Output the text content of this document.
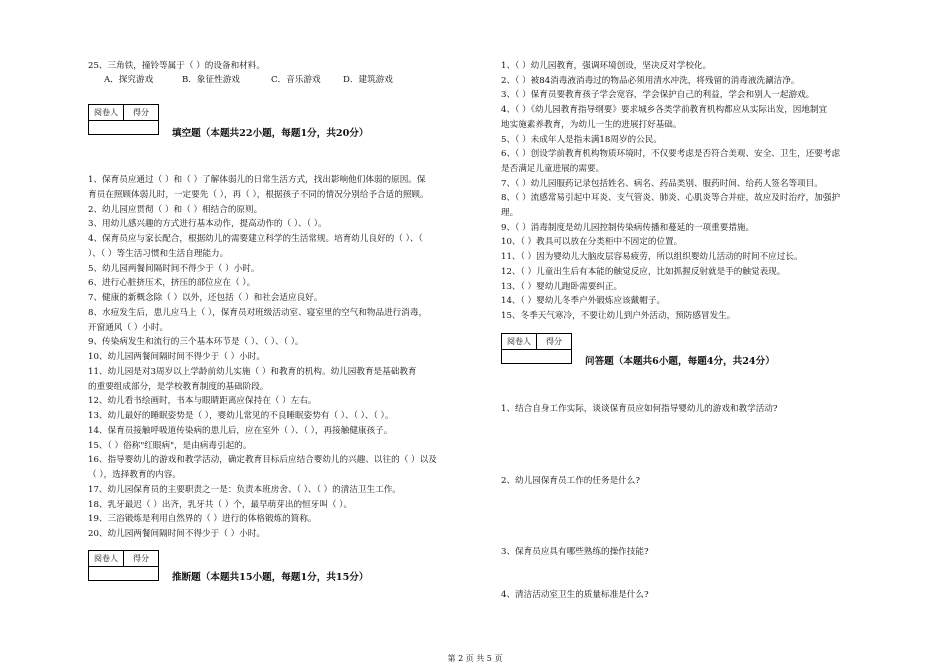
25、三角铁，撞铃等属于（ ）的设备和材料。
A．探究游戏	B．象征性游戏	C．音乐游戏	D．建筑游戏
阅卷人	得分
填空题（本题共22小题，每题1分，共20分）
1、保育员应通过（ ）和（ ）了解体弱儿的日常生活方式，找出影响他们体弱的原因。保
育员在照顾体弱儿时，一定要先（ ），再（ ），根据孩子不同的情况分别给予合适的照顾。
2、幼儿园应贯彻（ ）和（ ）相结合的原则。
3、用幼儿感兴趣的方式进行基本动作，提高动作的（ ）、（ ）。
4、保育员应与家长配合，根据幼儿的需要建立科学的生活常规。培育幼儿良好的（ ）、（
）、（ ）等生活习惯和生活自理能力。
5、幼儿园两餐间隔时间不得少于（ ）小时。
6、进行心脏挤压术，挤压的部位应在（ ）。
7、健康的新概念除（ ）以外，还包括（ ）和社会适应良好。
8、水痘发生后，患儿应马上（ ），保育员对班级活动室、寝室里的空气和物品进行消毒，
开窗通风（ ）小时。
9、传染病发生和流行的三个基本环节是（ ）、（ ）、（ ）。
10、幼儿园两餐间隔时间不得少于（ ）小时。
11、幼儿园是对3周岁以上学龄前幼儿实施（ ）和教育的机构。幼儿园教育是基础教育
的重要组成部分，是学校教育制度的基础阶段。
12、幼儿看书绘画时，书本与眼睛距离应保持在（ ）左右。
13、幼儿最好的睡眠姿势是（ ），婴幼儿常见的不良睡眠姿势有（ ）、（ ）、（ ）。
14、保育员接触呼吸道传染病的患儿后，应在室外（ ）、（ ），再接触健康孩子。
15、（ ）俗称"红眼病"，是由病毒引起的。
16、指导婴幼儿的游戏和教学活动，确定教育目标后应结合婴幼儿的兴趣、以往的（ ）以及
（ ），选择教育的内容。
17、幼儿园保育员的主要职责之一是：负责本班房舍、（ ）、（ ）的清洁卫生工作。
18、乳牙最迟（ ）出齐，乳牙共（ ）个，最早萌芽出的恒牙叫（ ）。
19、三浴锻炼是利用自然界的（ ）进行的体格锻炼的简称。
20、幼儿园两餐间隔时间不得少于（ ）小时。
阅卷人	得分
推断题（本题共15小题，每题1分，共15分）
1、（ ）幼儿园教育，强调环境创设，坚决反对学校化。
2、（ ）被84消毒液消毒过的物品必须用清水冲洗，将残留的消毒液洗涮洁净。
3、（ ）保育员要教育孩子学会宽容，学会保护自己的利益，学会和别人一起游戏。
4、（ ）《幼儿园教育指导纲要》要求城乡各类学前教育机构都应从实际出发，因地制宜
地实施素养教育，为幼儿一生的进展打好基础。
5、（ ）未成年人是指未满18周岁的公民。
6、（ ）创设学前教育机构物质环境时，不仅要考虑是否符合美观、安全、卫生，还要考虑
是否满足儿童进展的需要。
7、（ ）幼儿园服药记录包括姓名、病名、药品类别、服药时间、给药人签名等项目。
8、（ ）流感常易引起中耳炎、支气管炎、肺炎、心肌炎等合并症，故应及时治疗，加强护
理。
9、（ ）消毒制度是幼儿园控制传染病传播和蔓延的一项重要措施。
10、（ ）教具可以放在分类柜中不固定的位置。
11、（ ）因为婴幼儿大脑皮层容易疲劳，所以组织婴幼儿活动的时间不应过长。
12、（ ）儿童出生后有本能的触觉反应，比如抓握反射就是手的触觉表现。
13、（ ）婴幼儿跑卧需要纠正。
14、（ ）婴幼儿冬季户外锻炼应该戴帽子。
15、冬季天气寒冷，不要让幼儿到户外活动，预防感冒发生。
阅卷人	得分
问答题（本题共6小题，每题4分，共24分）
1、结合自身工作实际，谈谈保育员应如何指导婴幼儿的游戏和教学活动?
2、幼儿园保育员工作的任务是什么?
3、保育员应具有哪些熟练的操作技能?
4、清洁活动室卫生的质量标准是什么?
第 2 页 共 5 页
